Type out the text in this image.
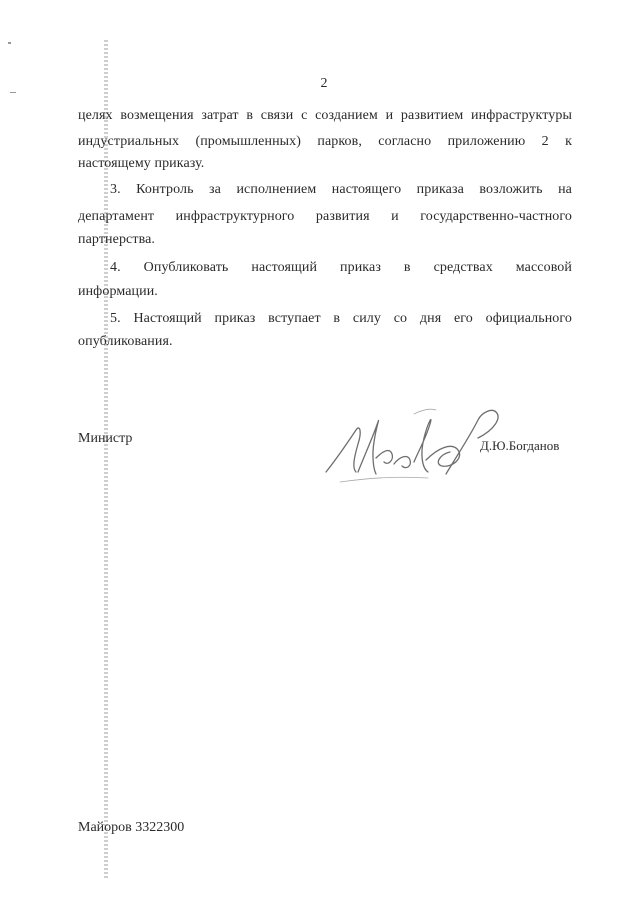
2
целях возмещения затрат в связи с созданием и развитием инфраструктуры
индустриальных (промышленных) парков, согласно приложению 2 к
настоящему приказу.
3. Контроль за исполнением настоящего приказа возложить на
департамент инфраструктурного развития и государственно-частного
партнерства.
4. Опубликовать настоящий приказ в средствах массовой
информации.
5. Настоящий приказ вступает в силу со дня его официального
опубликования.
Министр	Д.Ю.Богданов
Майоров 3322300
